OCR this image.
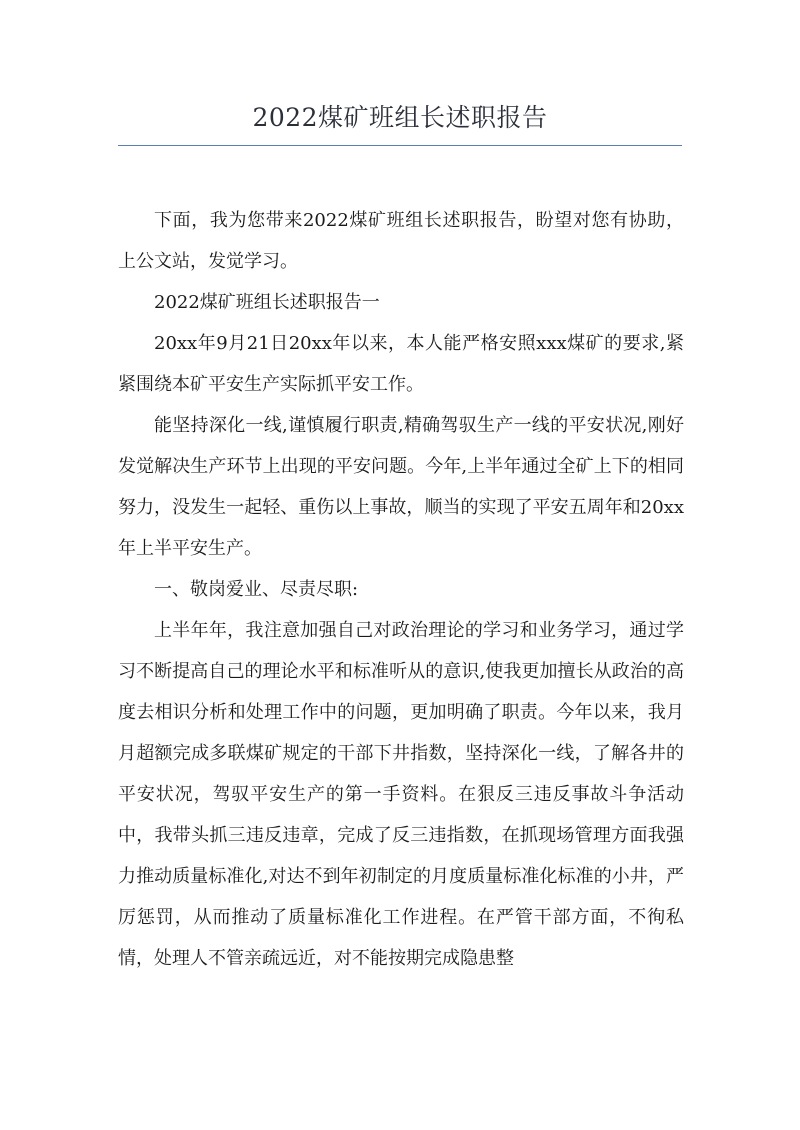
2022煤矿班组长述职报告

下面，我为您带来2022煤矿班组长述职报告，盼望对您有协助，上公文站，发觉学习。

2022煤矿班组长述职报告一

20xx年9月21日20xx年以来，本人能严格安照xxx煤矿的要求,紧紧围绕本矿平安生产实际抓平安工作。

能坚持深化一线,谨慎履行职责,精确驾驭生产一线的平安状况,刚好发觉解决生产环节上出现的平安问题。今年,上半年通过全矿上下的相同努力，没发生一起轻、重伤以上事故，顺当的实现了平安五周年和20xx年上半平安生产。

一、敬岗爱业、尽责尽职:

上半年年，我注意加强自己对政治理论的学习和业务学习，通过学习不断提高自己的理论水平和标准听从的意识,使我更加擅长从政治的高度去相识分析和处理工作中的问题，更加明确了职责。今年以来，我月月超额完成多联煤矿规定的干部下井指数，坚持深化一线，了解各井的平安状况，驾驭平安生产的第一手资料。在狠反三违反事故斗争活动中，我带头抓三违反违章，完成了反三违指数，在抓现场管理方面我强力推动质量标准化,对达不到年初制定的月度质量标准化标准的小井，严厉惩罚，从而推动了质量标准化工作进程。在严管干部方面，不徇私情，处理人不管亲疏远近，对不能按期完成隐患整
